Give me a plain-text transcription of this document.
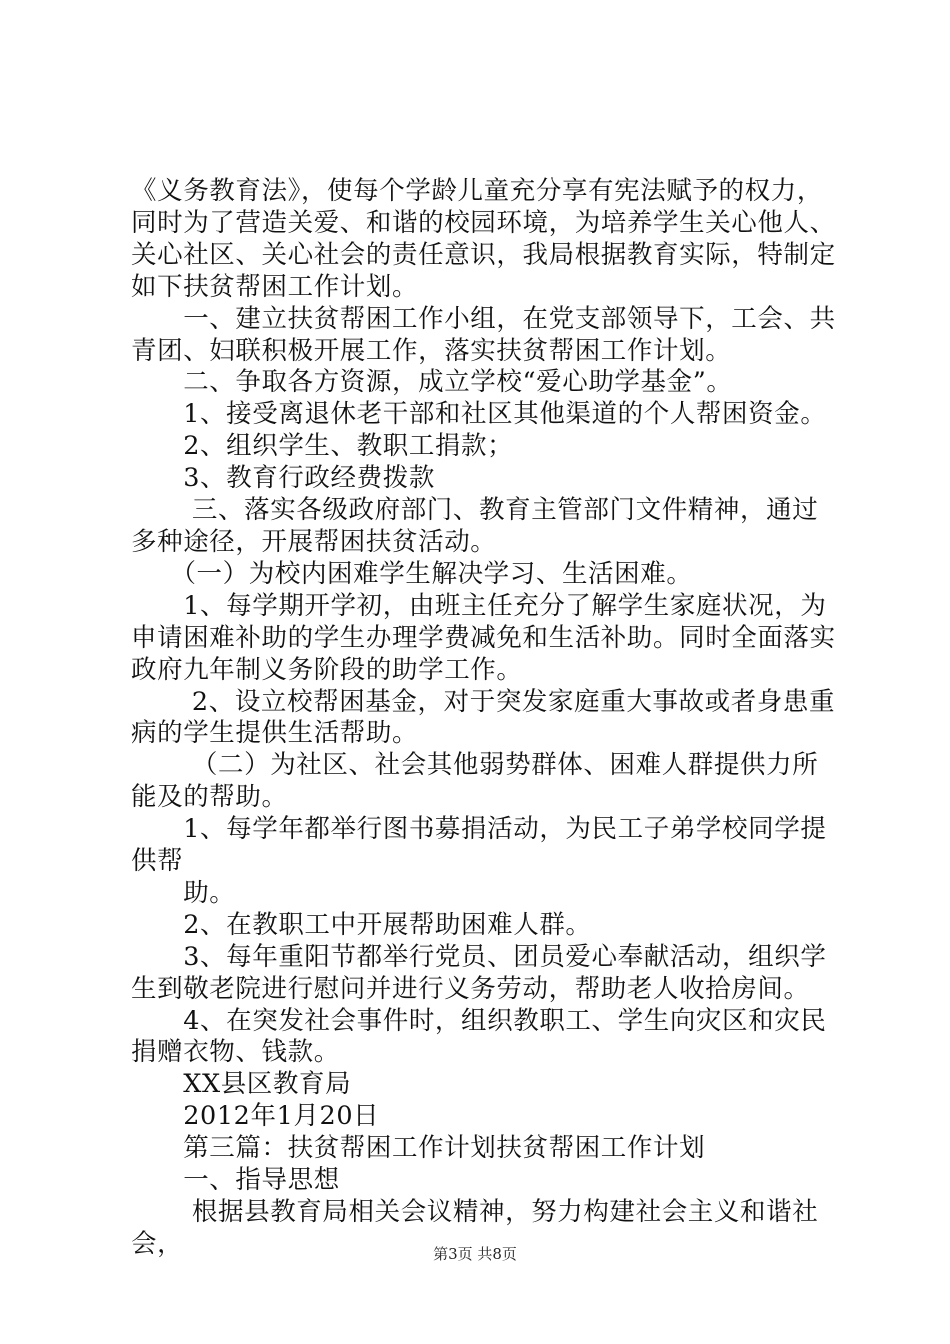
《义务教育法》，使每个学龄儿童充分享有宪法赋予的权力，同时为了营造关爱、和谐的校园环境，为培养学生关心他人、关心社区、关心社会的责任意识，我局根据教育实际，特制定如下扶贫帮困工作计划。

　　一、建立扶贫帮困工作小组，在党支部领导下，工会、共青团、妇联积极开展工作，落实扶贫帮困工作计划。

　　二、争取各方资源，成立学校“爱心助学基金”。

　　1、接受离退休老干部和社区其他渠道的个人帮困资金。

　　2、组织学生、教职工捐款；

　　3、教育行政经费拨款

　　 三、落实各级政府部门、教育主管部门文件精神，通过多种途径，开展帮困扶贫活动。

　　（一）为校内困难学生解决学习、生活困难。

　　1、每学期开学初，由班主任充分了解学生家庭状况，为申请困难补助的学生办理学费减免和生活补助。同时全面落实政府九年制义务阶段的助学工作。

　　 2、设立校帮困基金，对于突发家庭重大事故或者身患重病的学生提供生活帮助。

　　 （二）为社区、社会其他弱势群体、困难人群提供力所能及的帮助。

　　1、每学年都举行图书募捐活动，为民工子弟学校同学提供帮

　　助。

　　2、在教职工中开展帮助困难人群。

　　3、每年重阳节都举行党员、团员爱心奉献活动，组织学生到敬老院进行慰问并进行义务劳动，帮助老人收拾房间。

　　4、在突发社会事件时，组织教职工、学生向灾区和灾民捐赠衣物、钱款。

　　XX县区教育局

　　2012年1月20日

　　第三篇：扶贫帮困工作计划扶贫帮困工作计划

　　一、指导思想

　　 根据县教育局相关会议精神，努力构建社会主义和谐社会，	第3页 共8页
